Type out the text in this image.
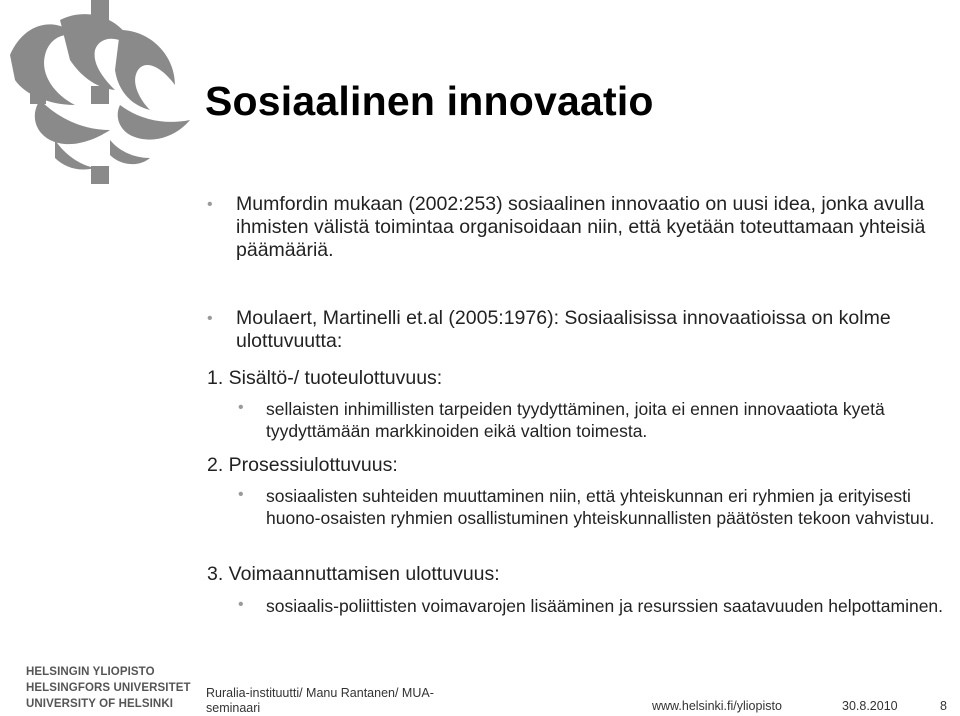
Sosiaalinen innovaatio
• Mumfordin mukaan (2002:253) sosiaalinen innovaatio on uusi idea, jonka avulla ihmisten välistä toimintaa organisoidaan niin, että kyetään toteuttamaan yhteisiä päämääriä.

• Moulaert, Martinelli et.al (2005:1976): Sosiaalisissa innovaatioissa on kolme ulottuvuutta:

1. Sisältö-/ tuoteulottuvuus:

• sellaisten inhimillisten tarpeiden tyydyttäminen, joita ei ennen innovaatiota kyetä tyydyttämään markkinoiden eikä valtion toimesta.

2. Prosessiulottuvuus:

• sosiaalisten suhteiden muuttaminen niin, että yhteiskunnan eri ryhmien ja erityisesti huono-osaisten ryhmien osallistuminen yhteiskunnallisten päätösten tekoon vahvistuu.

3. Voimaannuttamisen ulottuvuus:

• sosiaalis-poliittisten voimavarojen lisääminen ja resurssien saatavuuden helpottaminen.

HELSINGIN YLIOPISTO
HELSINGFORS UNIVERSITET
UNIVERSITY OF HELSINKI
Ruralia-instituutti/ Manu Rantanen/ MUA-seminaari	www.helsinki.fi/yliopisto	30.8.2010	8
